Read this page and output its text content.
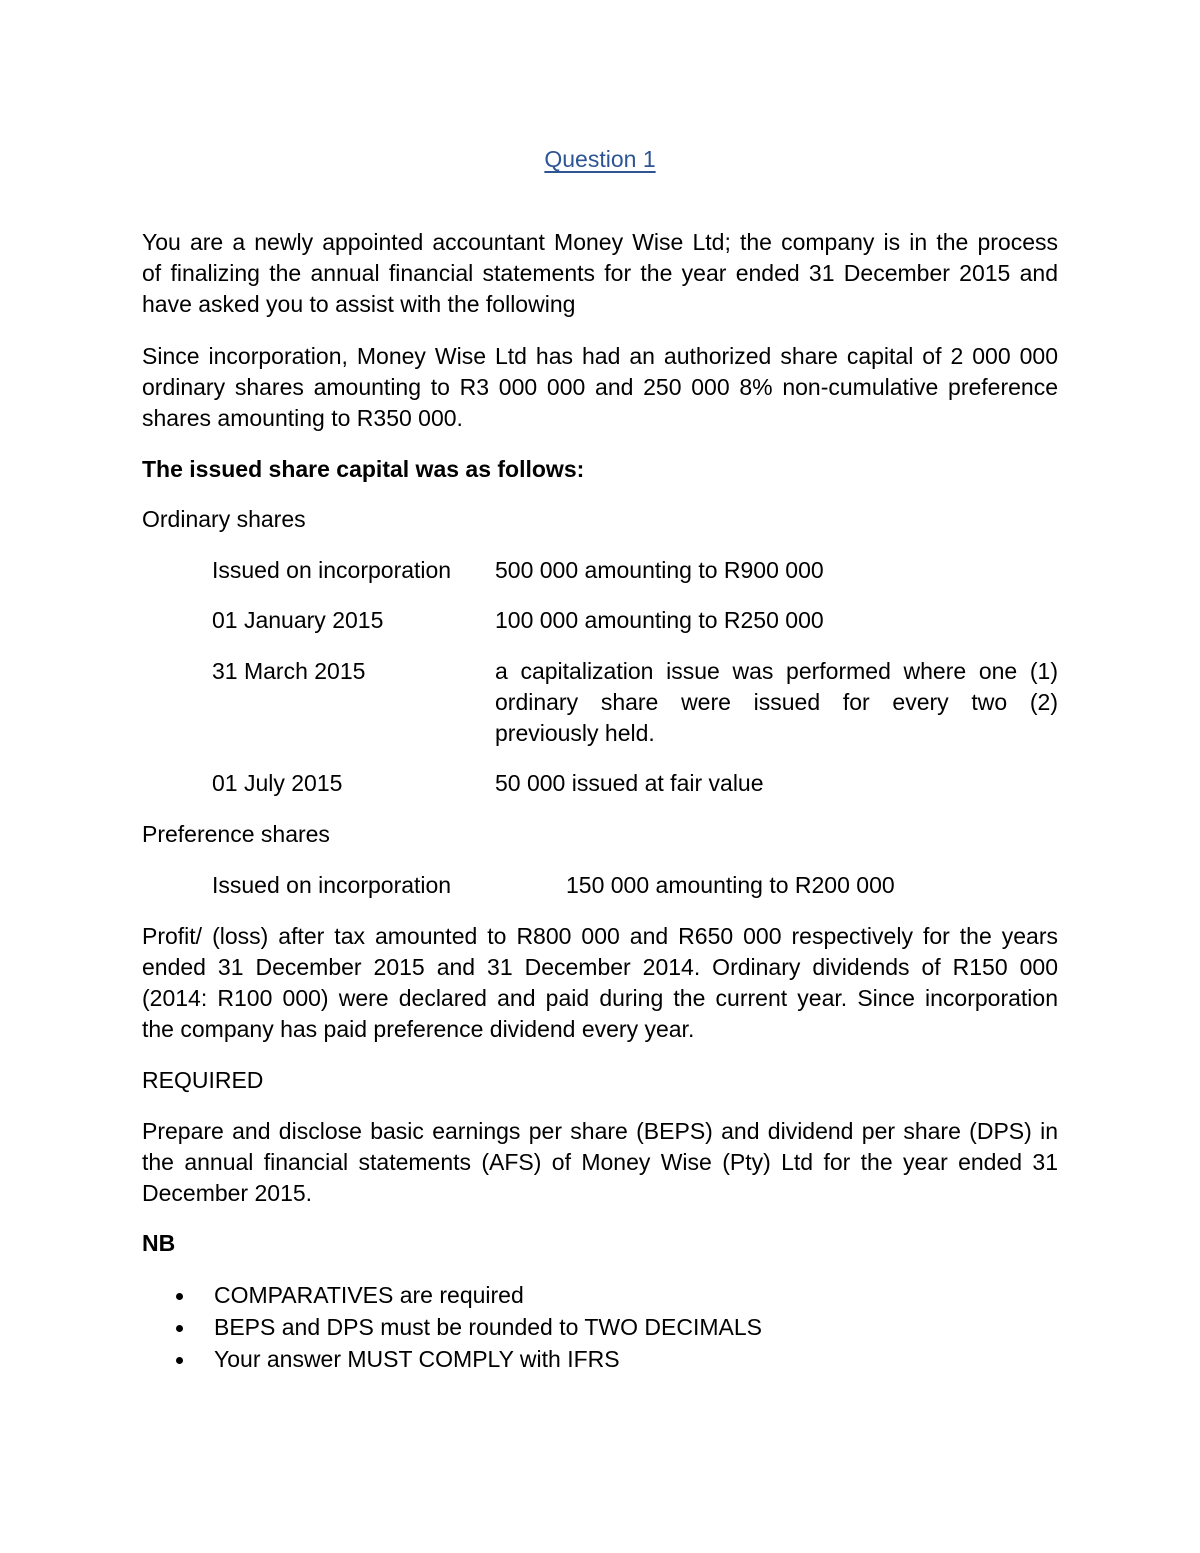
Question 1
You are a newly appointed accountant Money Wise Ltd; the company is in the process
of finalizing the annual financial statements for the year ended 31 December 2015 and
have asked you to assist with the following
Since incorporation, Money Wise Ltd has had an authorized share capital of 2 000 000
ordinary shares amounting to R3 000 000 and 250 000 8% non-cumulative preference
shares amounting to R350 000.
The issued share capital was as follows:
Ordinary shares
Issued on incorporation 500 000 amounting to R900 000
01 January 2015	100 000 amounting to R250 000
31 March 2015	a capitalization issue was performed where one (1)
ordinary share were issued for every two (2)
previously held.
01 July 2015	50 000 issued at fair value
Preference shares
Issued on incorporation	150 000 amounting to R200 000
Profit/ (loss) after tax amounted to R800 000 and R650 000 respectively for the years
ended 31 December 2015 and 31 December 2014. Ordinary dividends of R150 000
(2014: R100 000) were declared and paid during the current year. Since incorporation
the company has paid preference dividend every year.
REQUIRED
Prepare and disclose basic earnings per share (BEPS) and dividend per share (DPS) in
the annual financial statements (AFS) of Money Wise (Pty) Ltd for the year ended 31
December 2015.
NB
COMPARATIVES are required
BEPS and DPS must be rounded to TWO DECIMALS
Your answer MUST COMPLY with IFRS
